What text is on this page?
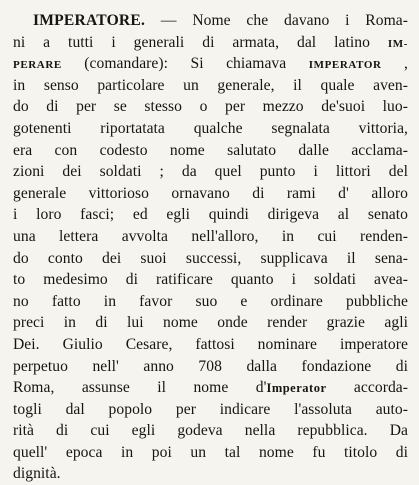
IMPERATORE. — Nome che davano i Roma-
ni a tutti i generali di armata, dal latino IM-
PERARE (comandare): Si chiamava IMPERATOR ,
in senso particolare un generale, il quale aven-
do di per se stesso o per mezzo de'suoi luo-
gotenenti riportatata qualche segnalata vittoria,
era con codesto nome salutato dalle acclama-
zioni dei soldati ; da quel punto i littori del
generale vittorioso ornavano di rami d' alloro
i loro fasci; ed egli quindi dirigeva al senato
una lettera avvolta nell'alloro, in cui renden-
do conto dei suoi successi, supplicava il sena-
to medesimo di ratificare quanto i soldati avea-
no fatto in favor suo e ordinare pubbliche
preci in di lui nome onde render grazie agli
Dei. Giulio Cesare, fattosi nominare imperatore
perpetuo nell' anno 708 dalla fondazione di
Roma, assunse il nome d'Imperator accorda-
togli dal popolo per indicare l'assoluta auto-
rità di cui egli godeva nella repubblica. Da
quell' epoca in poi un tal nome fu titolo di
dignità.
